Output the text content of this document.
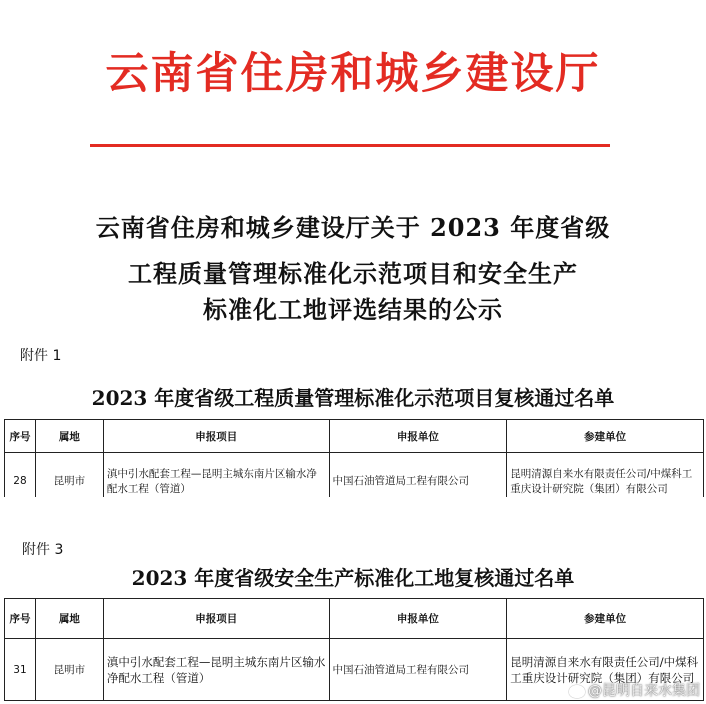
云南省住房和城乡建设厅
云南省住房和城乡建设厅关于 2023 年度省级
工程质量管理标准化示范项目和安全生产
标准化工地评选结果的公示
附件 1
2023 年度省级工程质量管理标准化示范项目复核通过名单
序号	属地	申报项目	申报单位	参建单位
28	昆明市	滇中引水配套工程—昆明主城东南片区输水净配水工程（管道）	中国石油管道局工程有限公司	昆明清源自来水有限责任公司/中煤科工重庆设计研究院（集团）有限公司
附件 3
2023 年度省级安全生产标准化工地复核通过名单
序号	属地	申报项目	申报单位	参建单位
31	昆明市	滇中引水配套工程—昆明主城东南片区输水净配水工程（管道）	中国石油管道局工程有限公司	昆明清源自来水有限责任公司/中煤科工重庆设计研究院（集团）有限公司
@昆明自来水集团
